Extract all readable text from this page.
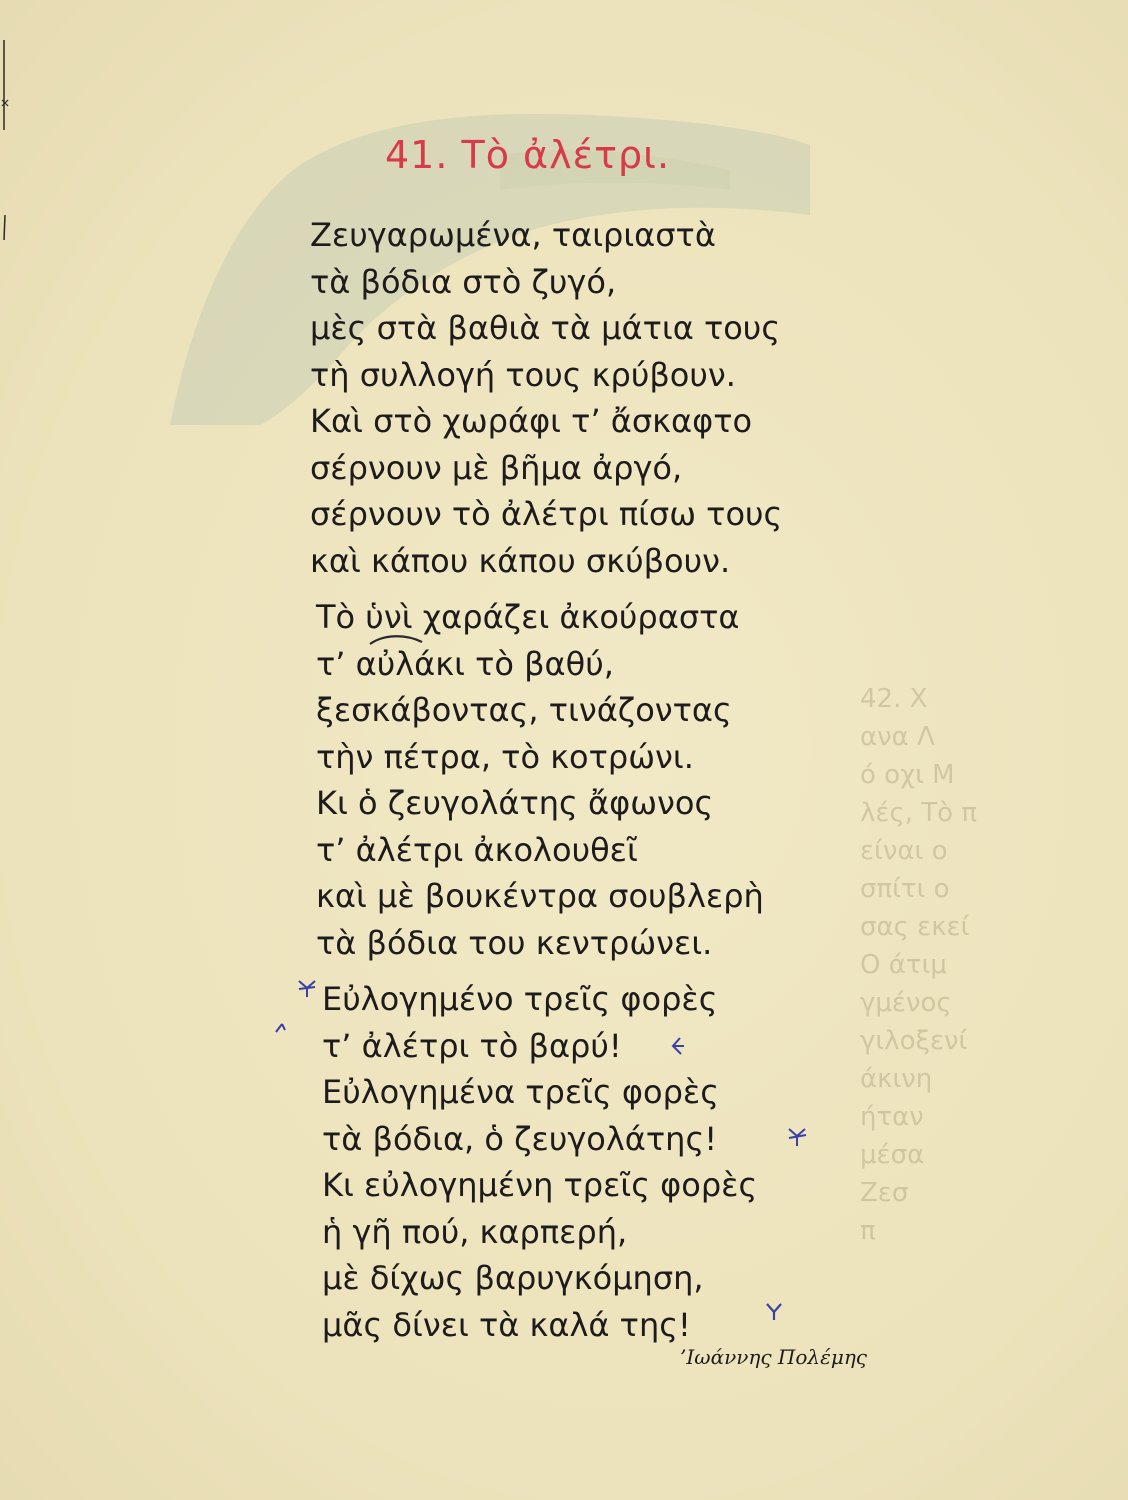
42. Χ
ανα Λ
ό οχι Μ
λές, Τὸ π
είναι ο
σπίτι ο
σας εκεί
Ο άτιμ
γμένος
γιλοξενί
άκινη
ήταν
μέσα
Ζεσ
π
41. Τὸ ἀλέτρι.
Ζευγαρωμένα, ταιριαστὰ
τὰ βόδια στὸ ζυγό,
μὲς στὰ βαθιὰ τὰ μάτια τους
τὴ συλλογή τους κρύβουν.
Καὶ στὸ χωράφι τ’ ἄσκαφτο
σέρνουν μὲ βῆμα ἀργό,
σέρνουν τὸ ἀλέτρι πίσω τους
καὶ κάπου κάπου σκύβουν.
Τὸ ὑνὶ χαράζει ἀκούραστα
τ’ αὐλάκι τὸ βαθύ,
ξεσκάβοντας, τινάζοντας
τὴν πέτρα, τὸ κοτρώνι.
Κι ὁ ζευγολάτης ἄφωνος
τ’ ἀλέτρι ἀκολουθεῖ
καὶ μὲ βουκέντρα σουβλερὴ
τὰ βόδια του κεντρώνει.
Εὐλογημένο τρεῖς φορὲς
τ’ ἀλέτρι τὸ βαρύ!
Εὐλογημένα τρεῖς φορὲς
τὰ βόδια, ὁ ζευγολάτης!
Κι εὐλογημένη τρεῖς φορὲς
ἡ γῆ πού, καρπερή,
μὲ δίχως βαρυγκόμηση,
μᾶς δίνει τὰ καλά της!
’Ιωάννης Πολέμης
